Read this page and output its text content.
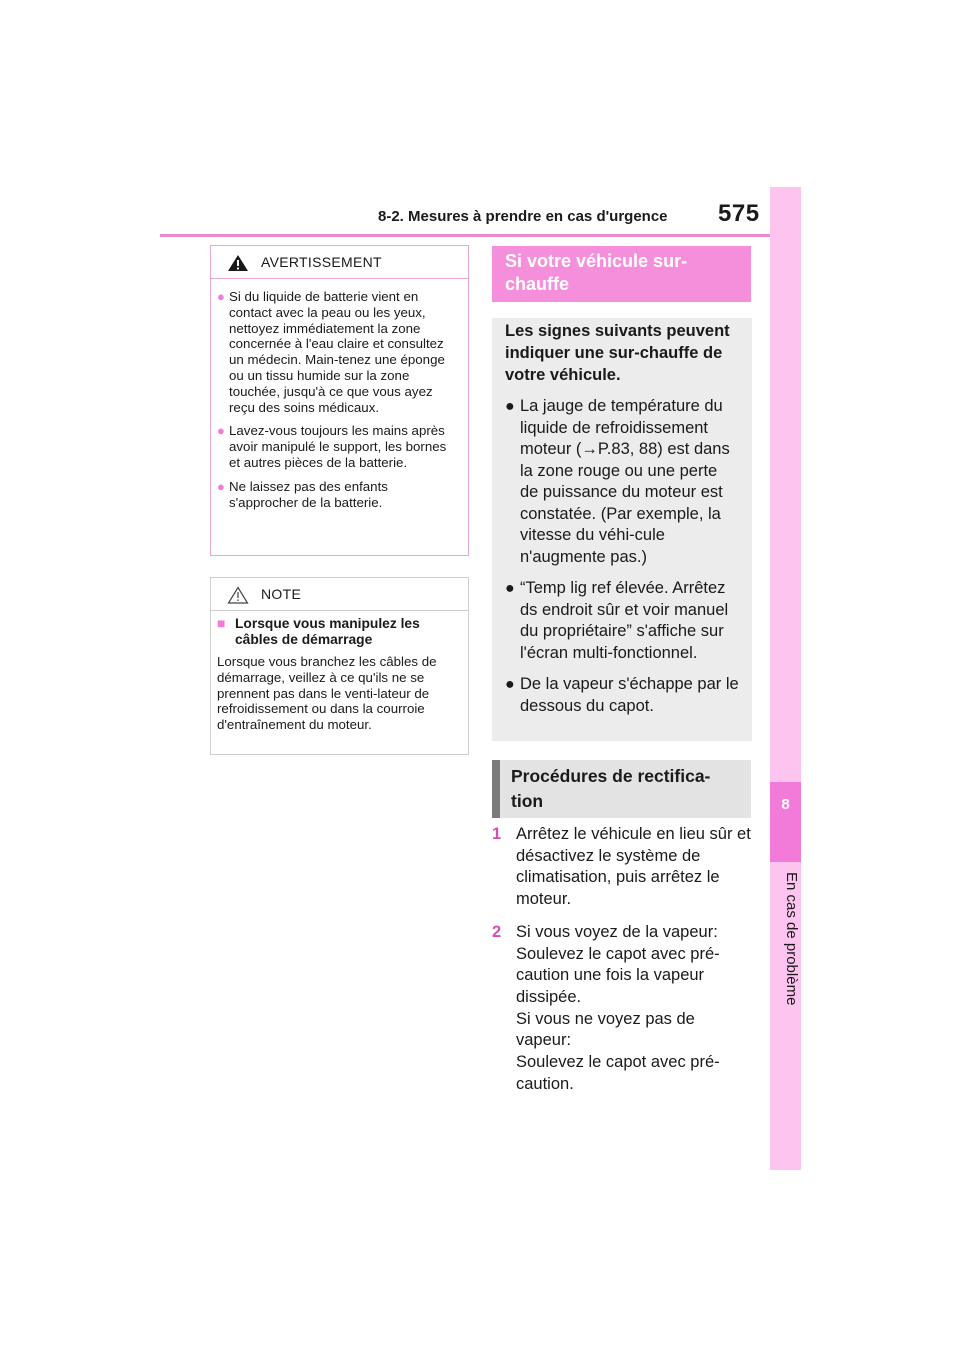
8-2. Mesures à prendre en cas d'urgence 575
8
En cas de problème
AVERTISSEMENT
● Si du liquide de batterie vient en contact avec la peau ou les yeux, nettoyez immédiatement la zone concernée à l'eau claire et consultez un médecin. Main-tenez une éponge ou un tissu humide sur la zone touchée, jusqu'à ce que vous ayez reçu des soins médicaux.
● Lavez-vous toujours les mains après avoir manipulé le support, les bornes et autres pièces de la batterie.
● Ne laissez pas des enfants s'approcher de la batterie.
NOTE
■ Lorsque vous manipulez les câbles de démarrage
Lorsque vous branchez les câbles de démarrage, veillez à ce qu'ils ne se prennent pas dans le venti-lateur de refroidissement ou dans la courroie d'entraînement du moteur.
Si votre véhicule sur-chauffe

Les signes suivants peuvent indiquer une sur-chauffe de votre véhicule.

● La jauge de température du liquide de refroidissement moteur (→P.83, 88) est dans la zone rouge ou une perte de puissance du moteur est constatée. (Par exemple, la vitesse du véhi-cule n'augmente pas.)
● “Temp lig ref élevée. Arrêtez ds endroit sûr et voir manuel du propriétaire” s'affiche sur l'écran multi-fonctionnel.
● De la vapeur s'échappe par le dessous du capot.
Procédures de rectifica-tion
1 Arrêtez le véhicule en lieu sûr et désactivez le système de climatisation, puis arrêtez le moteur.
2 Si vous voyez de la vapeur:
Soulevez le capot avec pré-caution une fois la vapeur dissipée.
Si vous ne voyez pas de vapeur:
Soulevez le capot avec pré-caution.
